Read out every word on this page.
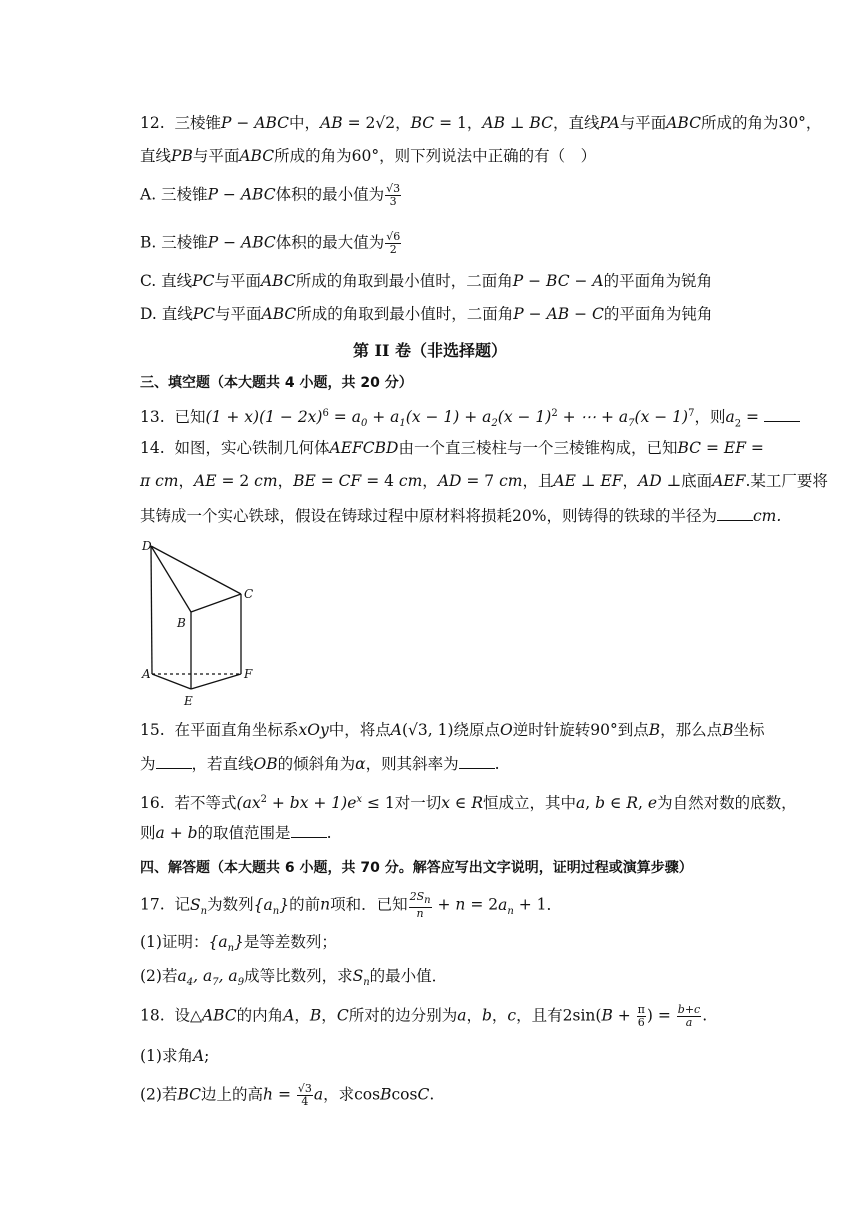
12. 三棱锥P − ABC中，AB = 2√2，BC = 1，AB ⊥ BC，直线PA与平面ABC所成的角为30°，
直线PB与平面ABC所成的角为60°，则下列说法中正确的有（　）
A. 三棱锥P − ABC体积的最小值为 $\frac{√3}{3}$
B. 三棱锥P − ABC体积的最大值为 $\frac{√6}{2}$
C. 直线PC与平面ABC所成的角取到最小值时，二面角P − BC − A的平面角为锐角
D. 直线PC与平面ABC所成的角取到最小值时，二面角P − AB − C的平面角为钝角
第 II 卷（非选择题）
三、填空题（本大题共 4 小题，共 20 分）
13. 已知$(1 + x)(1 - 2x)^6 = a_0 + a_1(x - 1) + a_2(x - 1)^2$ + ⋯ + $a_7(x - 1)^7$，则$a_2$ =
14. 如图，实心铁制几何体AEFCBD由一个直三棱柱与一个三棱锥构成，已知BC = EF =
π cm，AE = 2 cm，BE = CF = 4 cm，AD = 7 cm，且AE ⊥ EF，AD ⊥底面AEF.某工厂要将
其铸成一个实心铁球，假设在铸球过程中原材料将损耗20%，则铸得的铁球的半径为 cm.
D
C
B
A	F
E
15. 在平面直角坐标系xOy中，将点A(√3, 1)绕原点O逆时针旋转90°到点B，那么点B坐标
为 ，若直线OB的倾斜角为α，则其斜率为 .
16. 若不等式($ax^2$ + bx + $1)e^x \le 1$对一切x ∈ R恒成立，其中a, b ∈ R, e为自然对数的底数，
则a + b的取值范围是 .
四、解答题（本大题共 6 小题，共 70 分。解答应写出文字说明，证明过程或演算步骤）
17. 记$S_n$为数列$\{a_n\}$的前n项和．已知 $\frac{2S_n}{n} + n = 2a_n + 1$．
(1)证明：$\{a_n\}$是等差数列；
(2)若$a_4$, $a_7$, $a_9$成等比数列，求$S_n$的最小值．
18. 设△ABC的内角A，B，C所对的边分别为a，b，c，且有$2\sin(B + \frac{\pi}{6}$ ) = $\frac{b+c}{a}$ .
(1)求角A;
(2)若BC边上的高$h = \frac{√3}{4}$ a，求cosBcosC.
